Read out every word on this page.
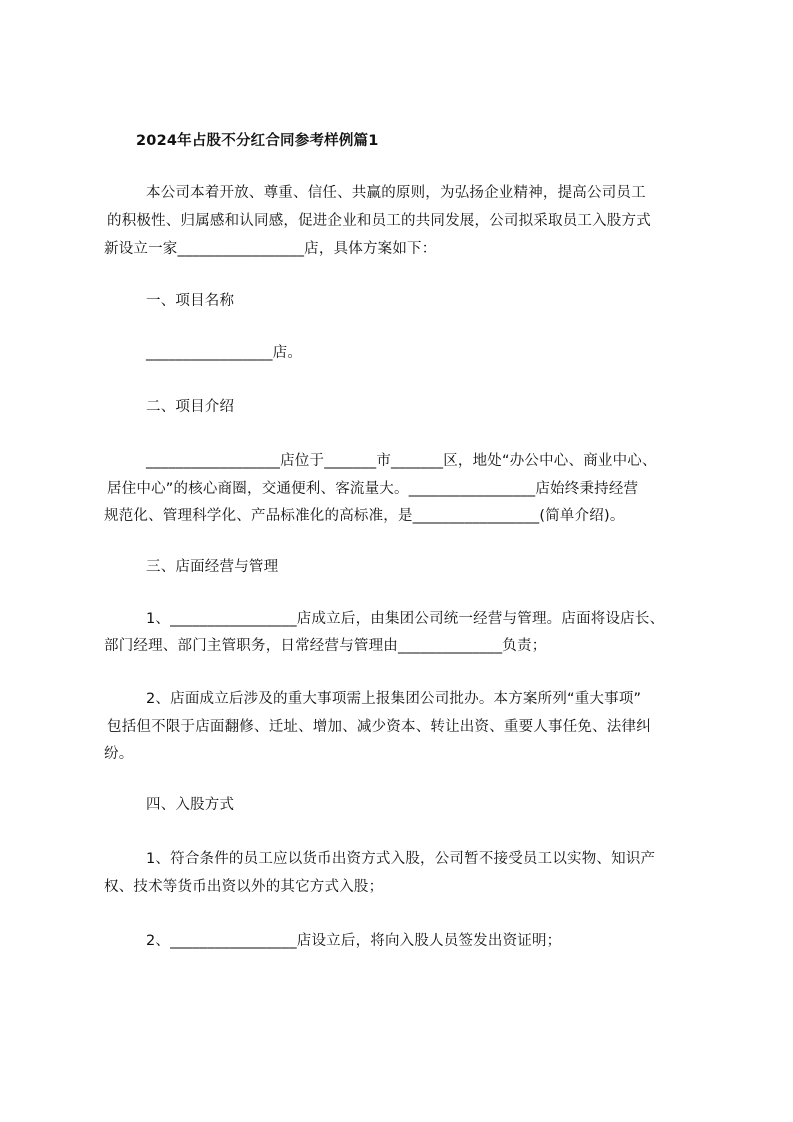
2024年占股不分红合同参考样例篇1
本公司本着开放、尊重、信任、共赢的原则，为弘扬企业精神，提高公司员工
的积极性、归属感和认同感，促进企业和员工的共同发展，公司拟采取员工入股方式
新设立一家_________________店，具体方案如下：
一、项目名称
_________________店。
二、项目介绍
__________________店位于_______市_______区，地处“办公中心、商业中心、
居住中心”的核心商圈，交通便利、客流量大。_________________店始终秉持经营
规范化、管理科学化、产品标准化的高标准，是_________________(简单介绍)。
三、店面经营与管理
1、_________________店成立后，由集团公司统一经营与管理。店面将设店长、
部门经理、部门主管职务，日常经营与管理由______________负责；
2、店面成立后涉及的重大事项需上报集团公司批办。本方案所列“重大事项”
包括但不限于店面翻修、迁址、增加、减少资本、转让出资、重要人事任免、法律纠
纷。
四、入股方式
1、符合条件的员工应以货币出资方式入股，公司暂不接受员工以实物、知识产
权、技术等货币出资以外的其它方式入股；
2、_________________店设立后，将向入股人员签发出资证明；
